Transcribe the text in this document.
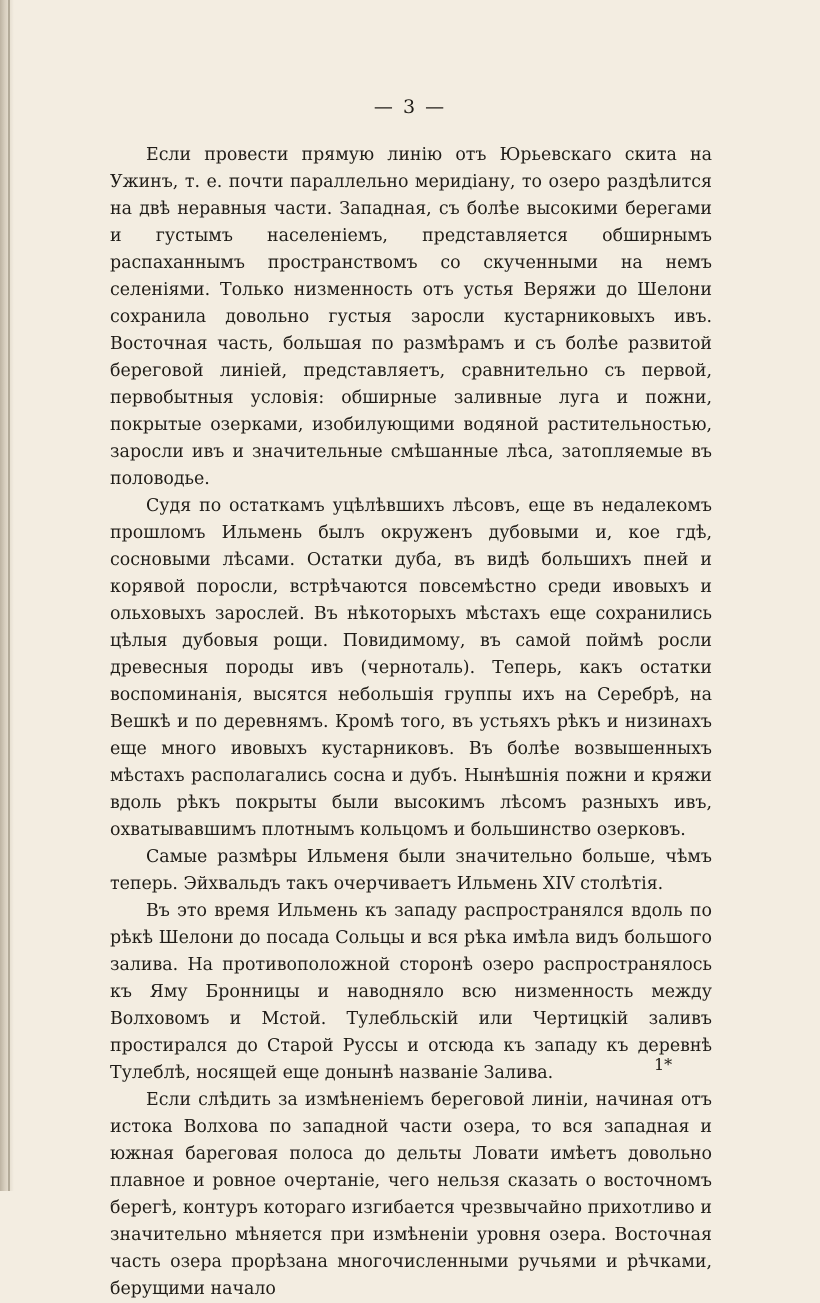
— 3 —

Если провести прямую линію отъ Юрьевскаго скита на Ужинъ, т. е. почти параллельно меридіану, то озеро раздѣлится на двѣ неравныя части. Западная, съ болѣе высокими берегами и густымъ населеніемъ, представляется обширнымъ распаханнымъ пространствомъ со скученными на немъ селеніями. Только низменность отъ устья Веряжи до Шелони сохранила довольно густыя заросли кустарниковыхъ ивъ. Восточная часть, большая по размѣрамъ и съ болѣе развитой береговой линіей, представляетъ, сравнительно съ первой, первобытныя условія: обширные заливные луга и пожни, покрытые озерками, изобилующими водяной растительностью, заросли ивъ и значительные смѣшанные лѣса, затопляемые въ половодье.

Судя по остаткамъ уцѣлѣвшихъ лѣсовъ, еще въ недалекомъ прошломъ Ильмень былъ окруженъ дубовыми и, кое гдѣ, сосновыми лѣсами. Остатки дуба, въ видѣ большихъ пней и корявой поросли, встрѣчаются повсемѣстно среди ивовыхъ и ольховыхъ зарослей. Въ нѣкоторыхъ мѣстахъ еще сохранились цѣлыя дубовыя рощи. Повидимому, въ самой поймѣ росли древесныя породы ивъ (черноталь). Теперь, какъ остатки воспоминанія, высятся небольшія группы ихъ на Серебрѣ, на Вешкѣ и по деревнямъ. Кромѣ того, въ устьяхъ рѣкъ и низинахъ еще много ивовыхъ кустарниковъ. Въ болѣе возвышенныхъ мѣстахъ располагались сосна и дубъ. Нынѣшнія пожни и кряжи вдоль рѣкъ покрыты были высокимъ лѣсомъ разныхъ ивъ, охватывавшимъ плотнымъ кольцомъ и большинство озерковъ.

Самые размѣры Ильменя были значительно больше, чѣмъ теперь. Эйхвальдъ такъ очерчиваетъ Ильмень XIV столѣтія.

Въ это время Ильмень къ западу распространялся вдоль по рѣкѣ Шелони до посада Сольцы и вся рѣка имѣла видъ большого залива. На противоположной сторонѣ озеро распространялось къ Яму Бронницы и наводняло всю низменность между Волховомъ и Мстой. Тулебльскій или Чертицкій заливъ простирался до Старой Руссы и отсюда къ западу къ деревнѣ Тулеблѣ, носящей еще донынѣ названіе Залива.

Если слѣдить за измѣненіемъ береговой линіи, начиная отъ истока Волхова по западной части озера, то вся западная и южная бареговая полоса до дельты Ловати имѣетъ довольно плавное и ровное очертаніе, чего нельзя сказать о восточномъ берегѣ, контуръ котораго изгибается чрезвычайно прихотливо и значительно мѣняется при измѣненіи уровня озера. Восточная часть озера прорѣзана многочисленными ручьями и рѣчками, берущими начало

1*
